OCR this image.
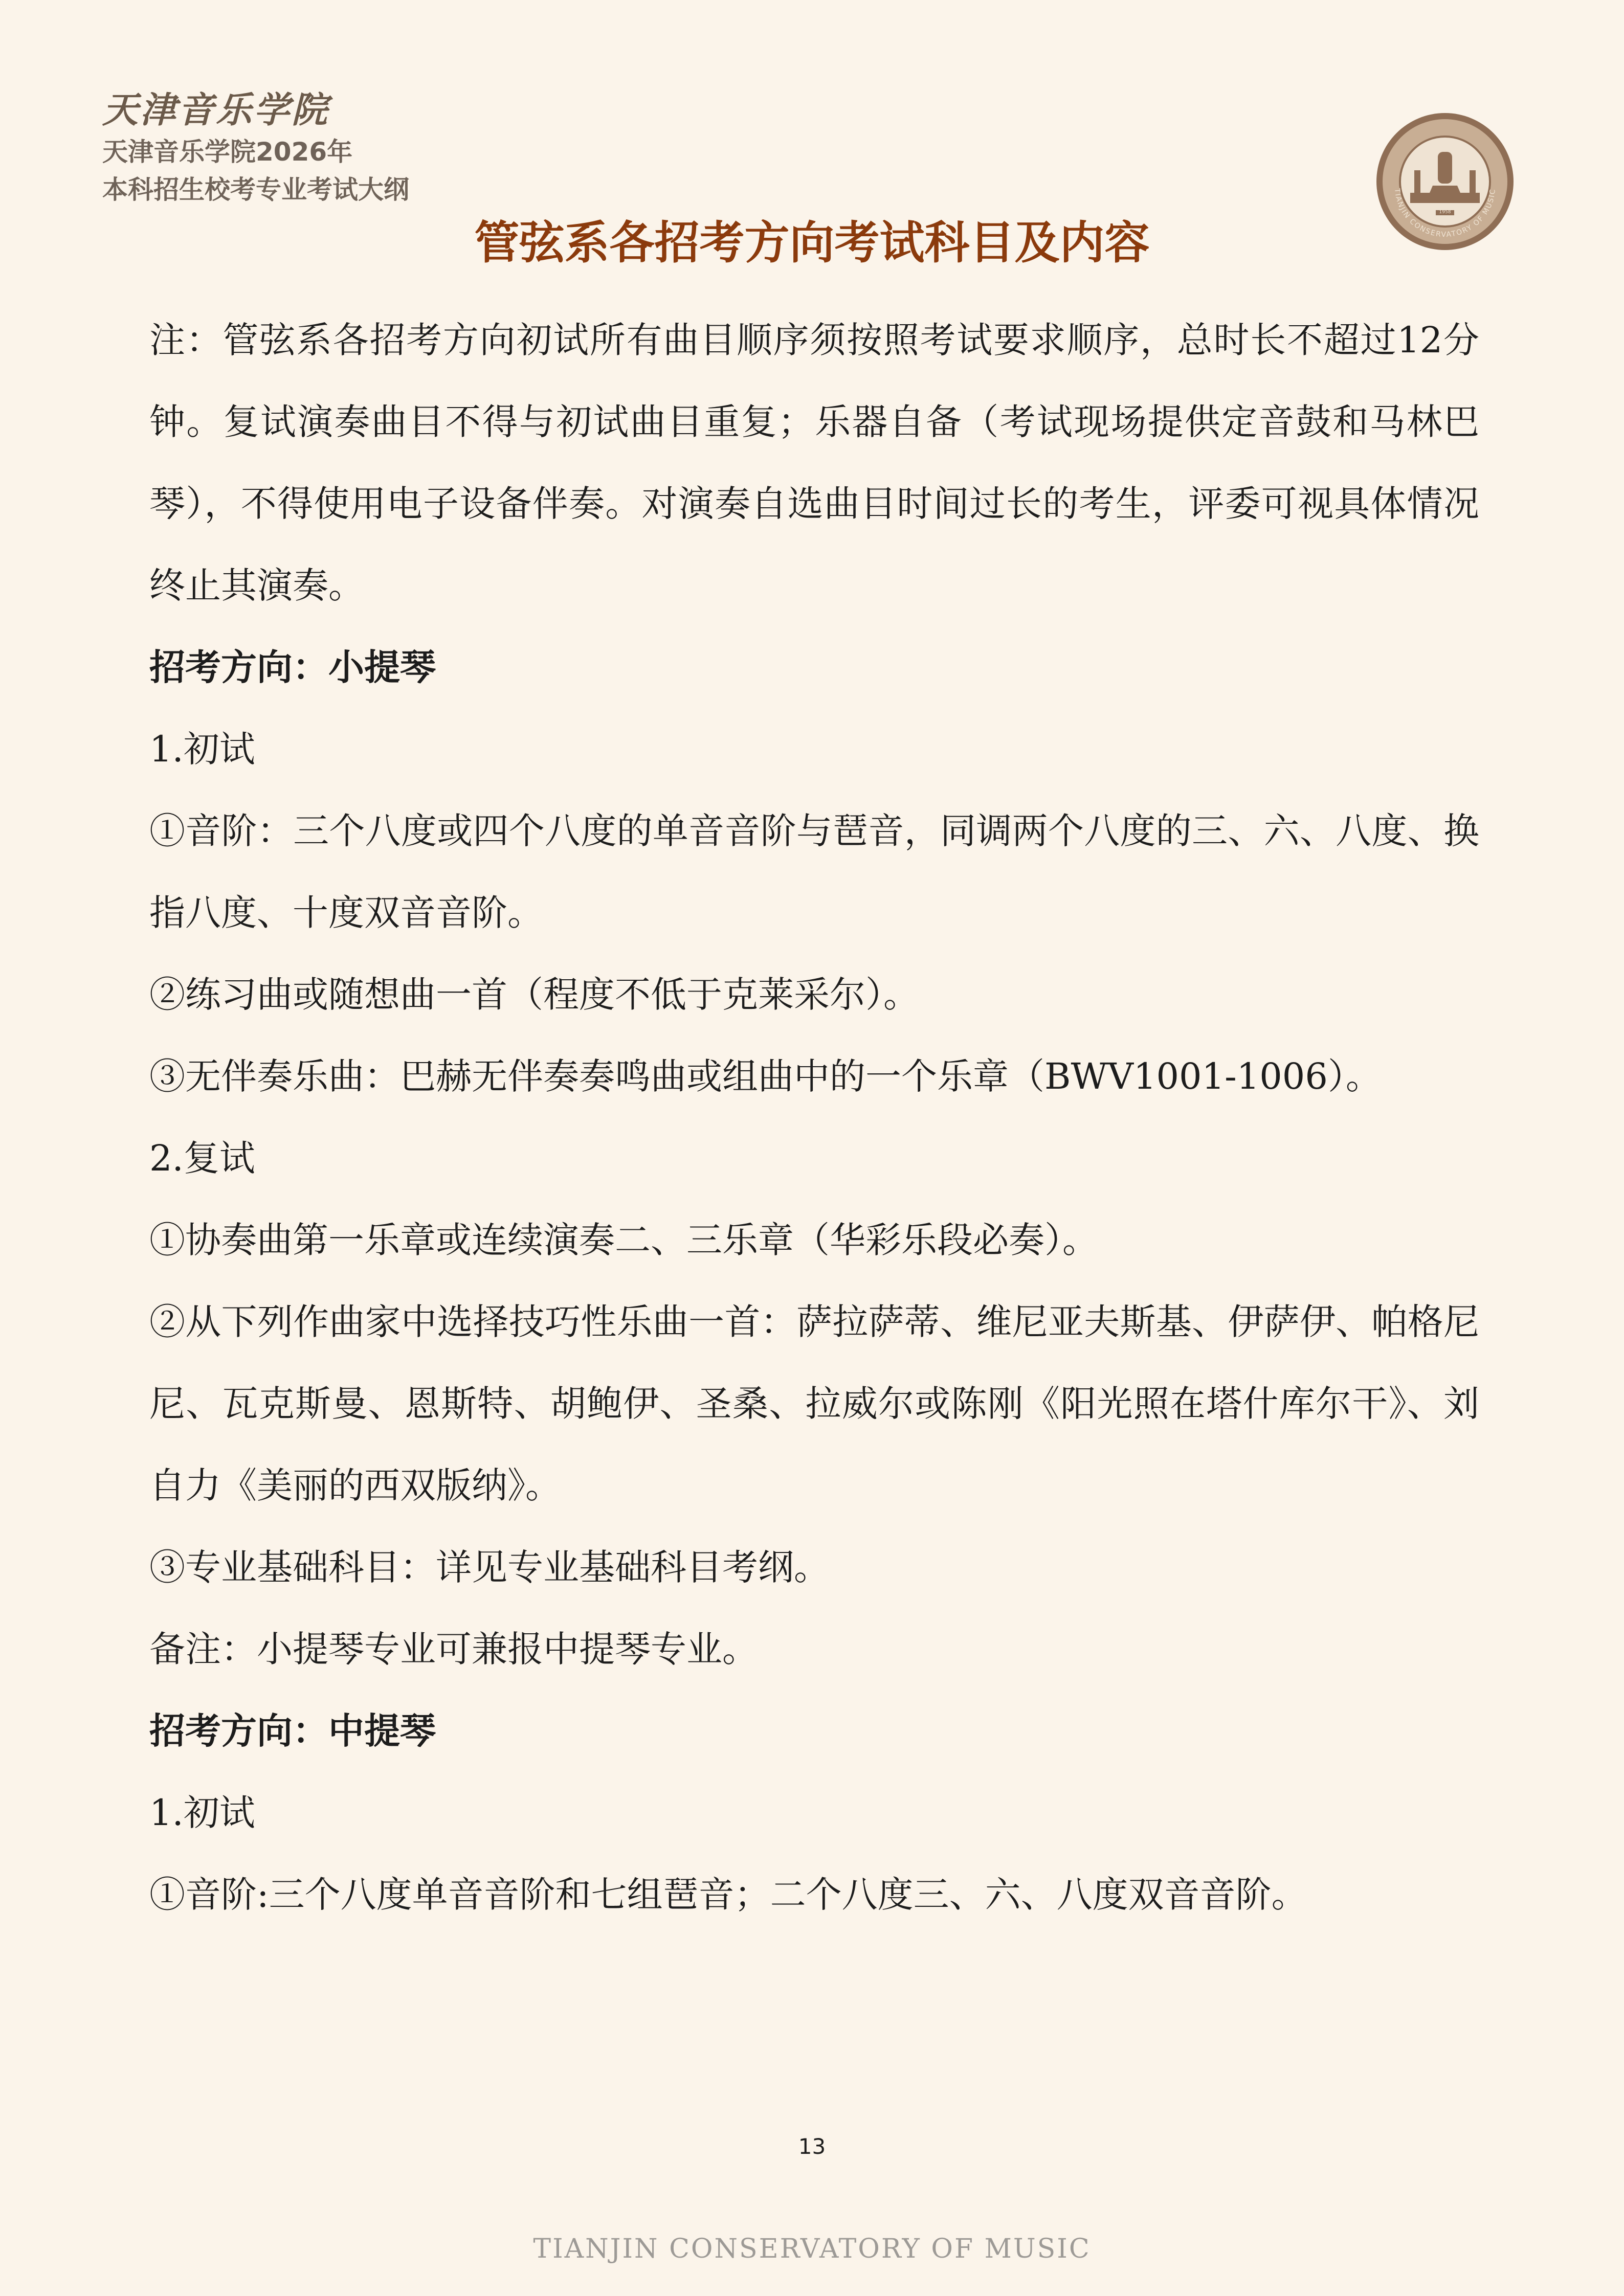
天津音乐学院
天津音乐学院2026年
本科招生校考专业考试大纲	TIANJIN CONSERVATORY OF MUSIC
1958
管弦系各招考方向考试科目及内容

注：管弦系各招考方向初试所有曲目顺序须按照考试要求顺序，总时长不超过12分钟。复试演奏曲目不得与初试曲目重复；乐器自备（考试现场提供定音鼓和马林巴琴），不得使用电子设备伴奏。对演奏自选曲目时间过长的考生，评委可视具体情况终止其演奏。

招考方向：小提琴

1.初试

①音阶：三个八度或四个八度的单音音阶与琶音，同调两个八度的三、六、八度、换指八度、十度双音音阶。

②练习曲或随想曲一首（程度不低于克莱采尔）。

③无伴奏乐曲：巴赫无伴奏奏鸣曲或组曲中的一个乐章（BWV1001-1006）。

2.复试

①协奏曲第一乐章或连续演奏二、三乐章（华彩乐段必奏）。

②从下列作曲家中选择技巧性乐曲一首：萨拉萨蒂、维尼亚夫斯基、伊萨伊、帕格尼尼、瓦克斯曼、恩斯特、胡鲍伊、圣桑、拉威尔或陈刚《阳光照在塔什库尔干》、刘自力《美丽的西双版纳》。

③专业基础科目：详见专业基础科目考纲。

备注：小提琴专业可兼报中提琴专业。

招考方向：中提琴

1.初试

①音阶:三个八度单音音阶和七组琶音；二个八度三、六、八度双音音阶。

13
TIANJIN CONSERVATORY OF MUSIC
